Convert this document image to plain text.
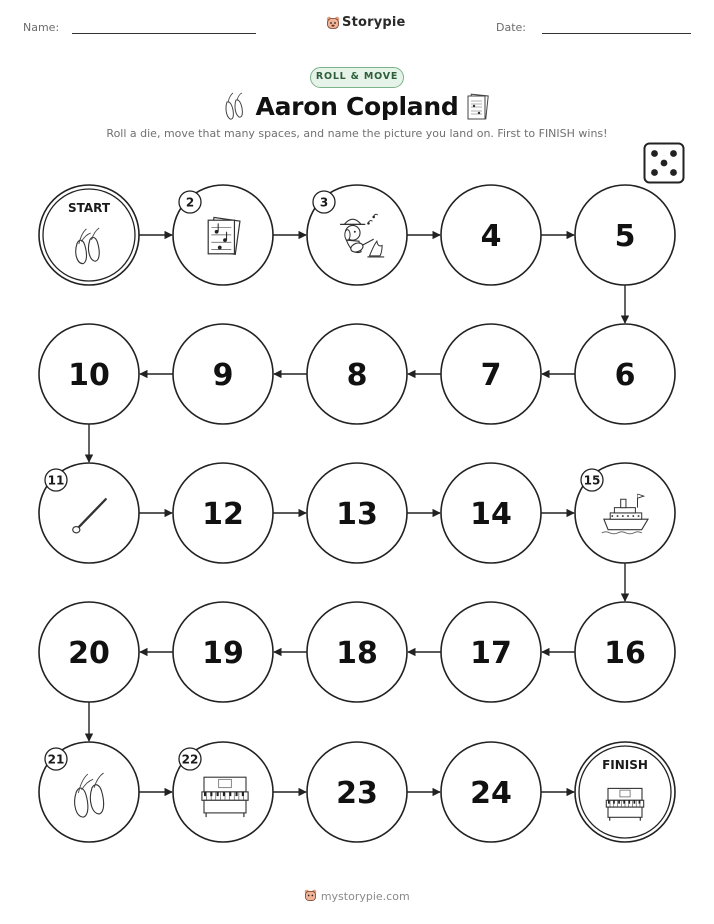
Name:	Storypie	Date:
ROLL & MOVE
Aaron Copland
Roll a die, move that many spaces, and name the picture you land on. First to FINISH wins!
START	2	3
4	5
6
7
8
9
10
11
12	13	14
15
16
17
18
19
20
21	22
23	24
FINISH
mystorypie.com
